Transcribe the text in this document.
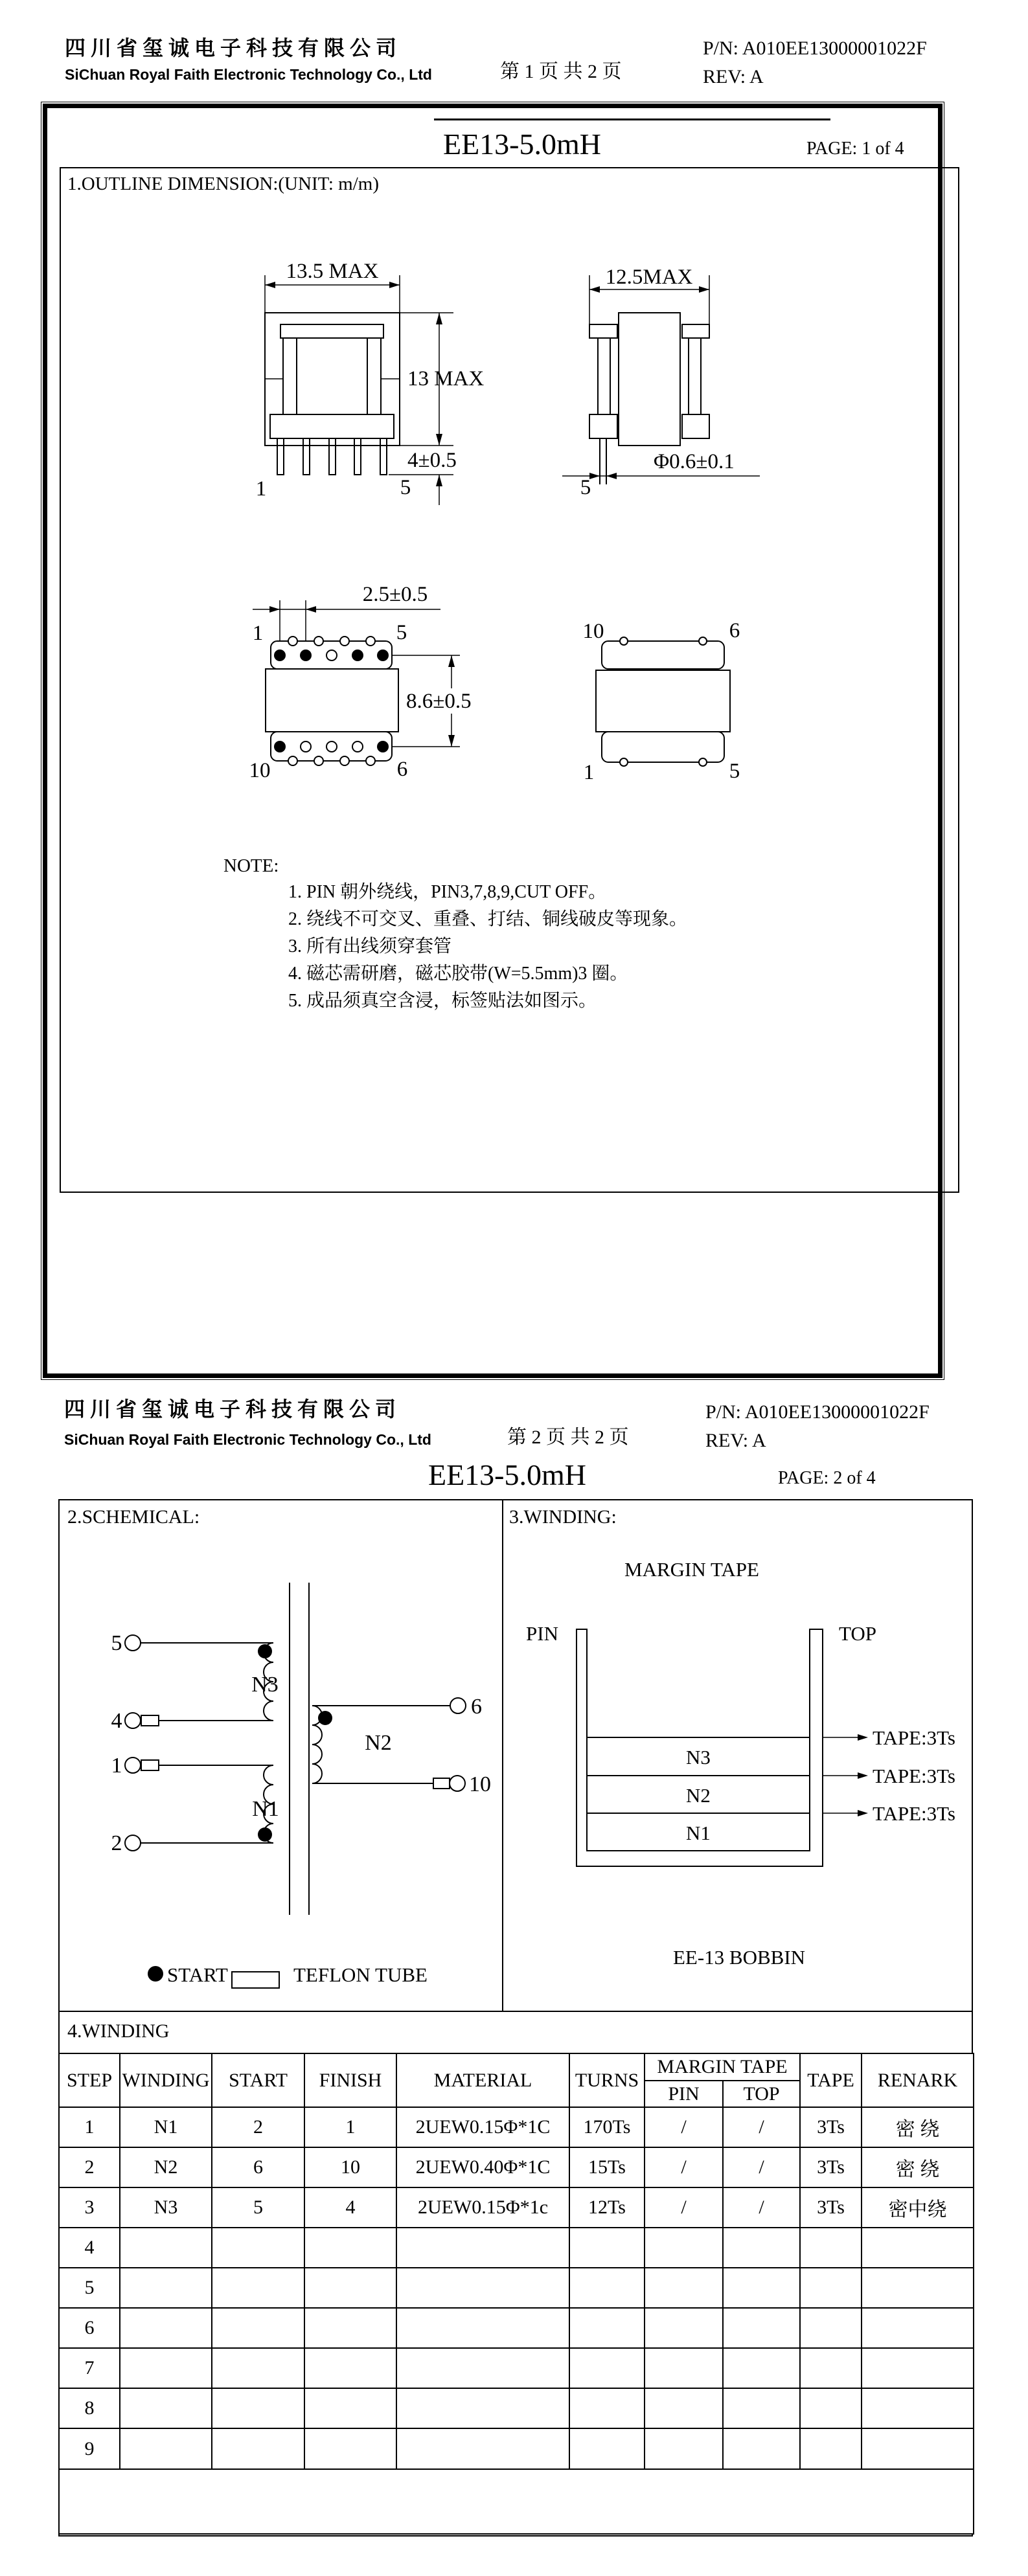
四 川 省 玺 诚 电 子 科 技 有 限 公 司
SiChuan Royal Faith Electronic Technology Co., Ltd	第 1 页 共 2 页
P/N: A010EE13000001022F
REV: A
EE13-5.0mH	PAGE: 1 of 4
1.OUTLINE DIMENSION:(UNIT: m/m)
13.5 MAX
13 MAX
4±0.5
1	5
12.5MAX
Φ0.6±0.1
5
2.5±0.5
1	5
10	6
8.6±0.5
10	6
1	5
NOTE:
1. PIN 朝外绕线，PIN3,7,8,9,CUT OFF。
2. 绕线不可交叉、重叠、打结、铜线破皮等现象。
3. 所有出线须穿套管
4. 磁芯需研磨，磁芯胶带(W=5.5mm)3 圈。
5. 成品须真空含浸，标签贴法如图示。
四 川 省 玺 诚 电 子 科 技 有 限 公 司
SiChuan Royal Faith Electronic Technology Co., Ltd	第 2 页 共 2 页
P/N: A010EE13000001022F
REV: A
EE13-5.0mH	PAGE: 2 of 4
2.SCHEMICAL:
N3
N1
N2
5
4
1
2
6
10
START	TEFLON TUBE
3.WINDING:
MARGIN TAPE
PIN	TOP
N3
N2
N1
TAPE:3Ts
TAPE:3Ts
TAPE:3Ts
EE-13 BOBBIN
4.WINDING
STEP	WINDING	START	FINISH	MATERIAL	TURNS	MARGIN TAPE		TAPE	RENARK
						PIN	TOP		
1	N1	2	1	2UEW0.15Φ*1C	170Ts	/	/	3Ts	密 绕
2	N2	6	10	2UEW0.40Φ*1C	15Ts	/	/	3Ts	密 绕
3	N3	5	4	2UEW0.15Φ*1c	12Ts	/	/	3Ts	密中绕
4									
5									
6									
7									
8									
9									
